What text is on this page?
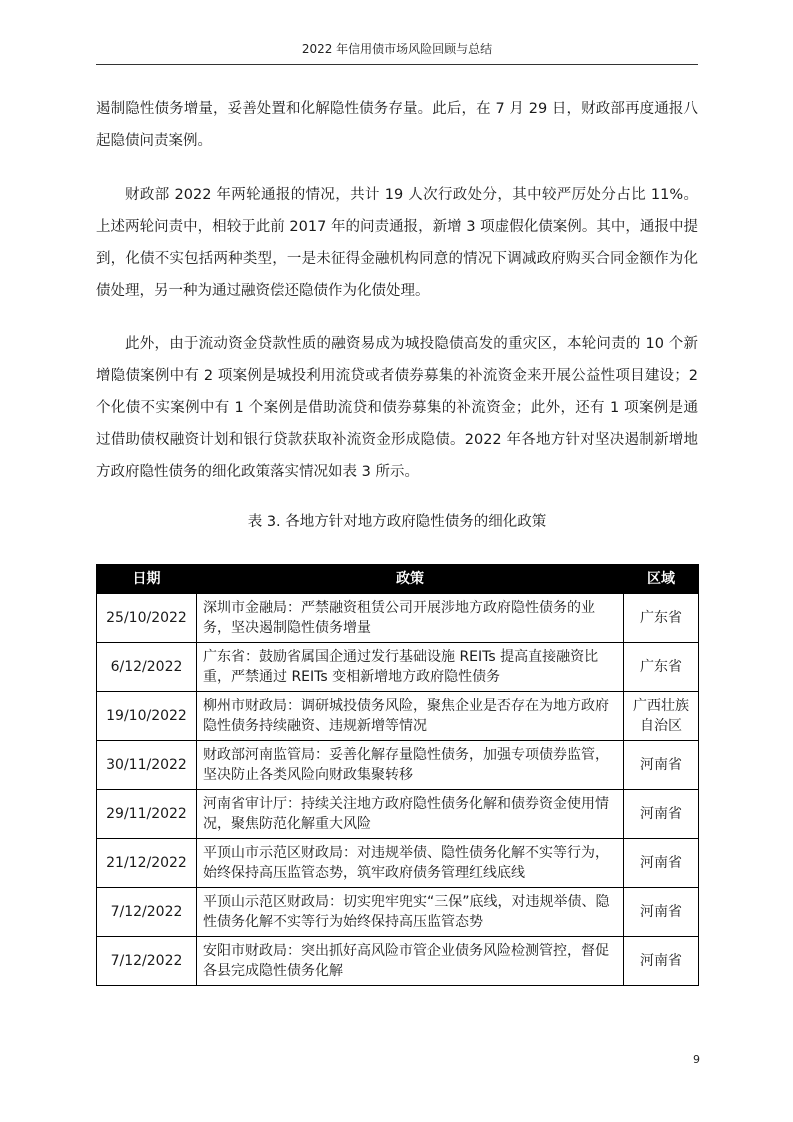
2022 年信用债市场风险回顾与总结

遏制隐性债务增量，妥善处置和化解隐性债务存量。此后，在 7 月 29 日，财政部再度通报八起隐债问责案例。

财政部 2022 年两轮通报的情况，共计 19 人次行政处分，其中较严厉处分占比 11%。上述两轮问责中，相较于此前 2017 年的问责通报，新增 3 项虚假化债案例。其中，通报中提到，化债不实包括两种类型，一是未征得金融机构同意的情况下调减政府购买合同金额作为化债处理，另一种为通过融资偿还隐债作为化债处理。

此外，由于流动资金贷款性质的融资易成为城投隐债高发的重灾区，本轮问责的 10 个新增隐债案例中有 2 项案例是城投利用流贷或者债券募集的补流资金来开展公益性项目建设；2 个化债不实案例中有 1 个案例是借助流贷和债券募集的补流资金；此外，还有 1 项案例是通过借助债权融资计划和银行贷款获取补流资金形成隐债。2022 年各地方针对坚决遏制新增地方政府隐性债务的细化政策落实情况如表 3 所示。

表 3. 各地方针对地方政府隐性债务的细化政策
日期	政策	区域
25/10/2022	深圳市金融局：严禁融资租赁公司开展涉地方政府隐性债务的业务，坚决遏制隐性债务增量	广东省
6/12/2022	广东省：鼓励省属国企通过发行基础设施 REITs 提高直接融资比重，严禁通过 REITs 变相新增地方政府隐性债务	广东省
19/10/2022	柳州市财政局：调研城投债务风险，聚焦企业是否存在为地方政府隐性债务持续融资、违规新增等情况	广西壮族自治区
30/11/2022	财政部河南监管局：妥善化解存量隐性债务，加强专项债券监管，坚决防止各类风险向财政集聚转移	河南省
29/11/2022	河南省审计厅：持续关注地方政府隐性债务化解和债券资金使用情况，聚焦防范化解重大风险	河南省
21/12/2022	平顶山市示范区财政局：对违规举债、隐性债务化解不实等行为，始终保持高压监管态势，筑牢政府债务管理红线底线	河南省
7/12/2022	平顶山示范区财政局：切实兜牢兜实“三保”底线，对违规举债、隐性债务化解不实等行为始终保持高压监管态势	河南省
7/12/2022	安阳市财政局：突出抓好高风险市管企业债务风险检测管控，督促各县完成隐性债务化解	河南省
9
